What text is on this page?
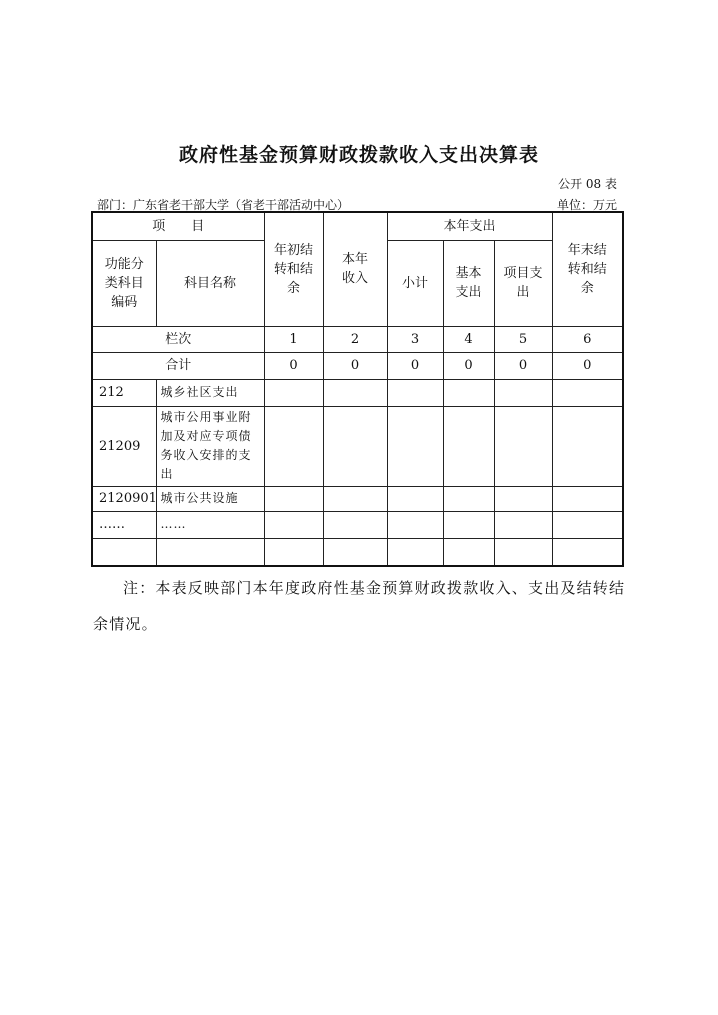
政府性基金预算财政拨款收入支出决算表
公开 08 表
部门：广东省老干部大学（省老干部活动中心）	单位：万元
项　　目		年初结转和结余	本年收入	本年支出			年末结转和结余
功能分类科目编码	科目名称			小计	基本支出	项目支出	
栏次		1	2	3	4	5	6
合计		0	0	0	0	0	0
212	城乡社区支出						
21209	城市公用事业附加及对应专项债务收入安排的支出						
2120901	城市公共设施						
……	……						

注：本表反映部门本年度政府性基金预算财政拨款收入、支出及结转结余情况。
